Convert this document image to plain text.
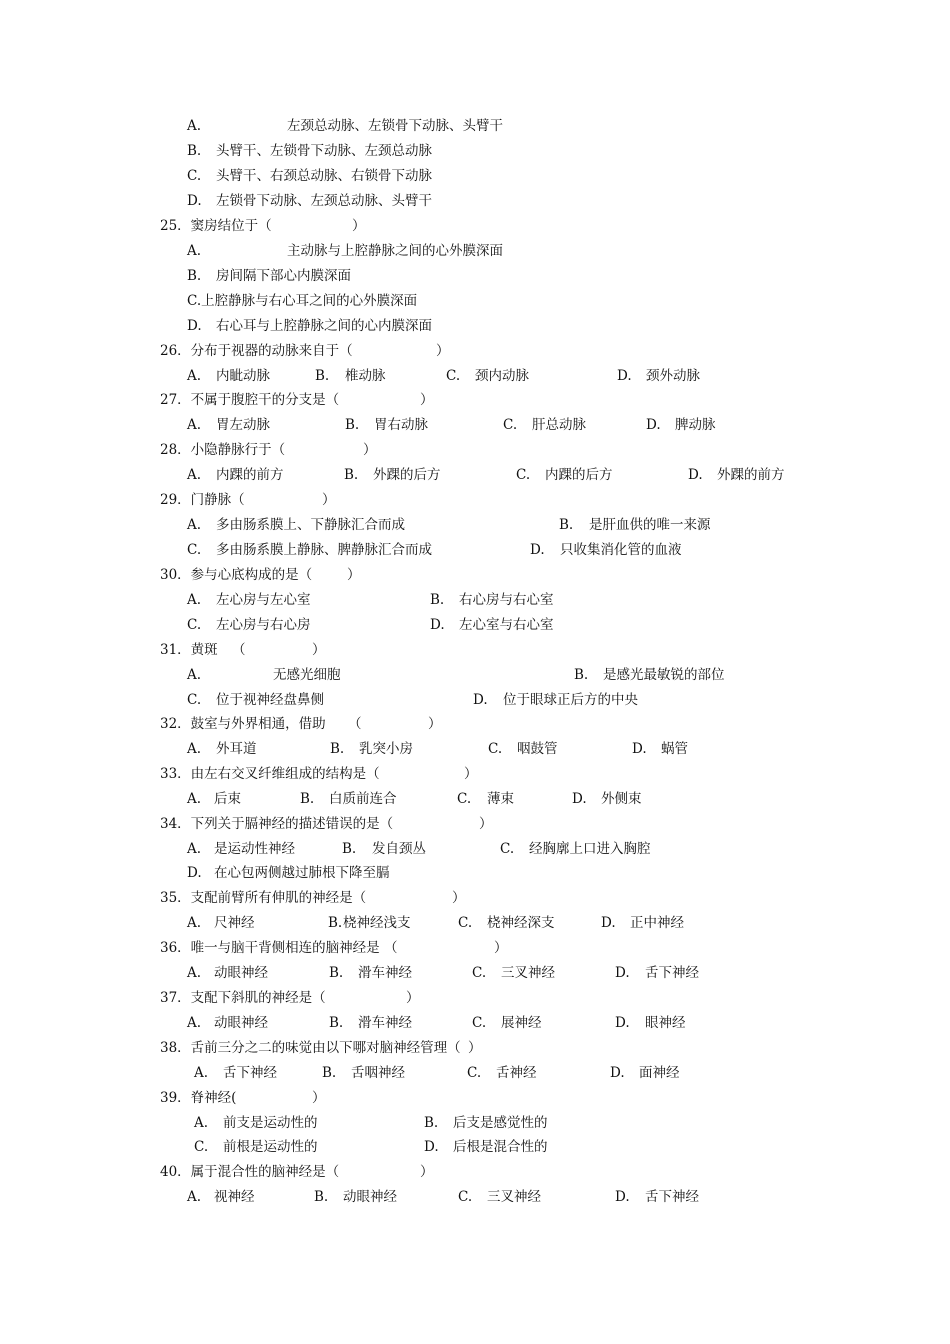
A.	左颈总动脉、左锁骨下动脉、头臂干
B. 头臂干、左锁骨下动脉、左颈总动脉
C. 头臂干、右颈总动脉、右锁骨下动脉
D. 左锁骨下动脉、左颈总动脉、头臂干
25．窦房结位于（	）
A.	主动脉与上腔静脉之间的心外膜深面
B. 房间隔下部心内膜深面
C.上腔静脉与右心耳之间的心外膜深面
D. 右心耳与上腔静脉之间的心内膜深面
26．分布于视器的动脉来自于（	）
A. 内眦动脉	B. 椎动脉	C. 颈内动脉	D. 颈外动脉
27．不属于腹腔干的分支是（	）
A. 胃左动脉	B. 胃右动脉	C. 肝总动脉	D. 脾动脉
28．小隐静脉行于（	）
A. 内踝的前方	B. 外踝的后方	C. 内踝的后方	D. 外踝的前方
29．门静脉（	）
A. 多由肠系膜上、下静脉汇合而成	B. 是肝血供的唯一来源
C. 多由肠系膜上静脉、脾静脉汇合而成	D. 只收集消化管的血液
30．参与心底构成的是（	）
A. 左心房与左心室	B. 右心房与右心室
C. 左心房与右心房	D. 左心室与右心室
31．黄斑 （	）
A.	无感光细胞	B. 是感光最敏锐的部位
C. 位于视神经盘鼻侧	D. 位于眼球正后方的中央
32．鼓室与外界相通，借助 （	）
A. 外耳道	B. 乳突小房	C. 咽鼓管	D. 蜗管
33．由左右交叉纤维组成的结构是（	）
A. 后束	B. 白质前连合	C. 薄束	D. 外侧束
34．下列关于膈神经的描述错误的是（	）
A. 是运动性神经	B. 发自颈丛	C. 经胸廓上口进入胸腔
D. 在心包两侧越过肺根下降至膈
35．支配前臂所有伸肌的神经是（	）
A. 尺神经	B. 桡神经浅支	C. 桡神经深支	D. 正中神经
36．唯一与脑干背侧相连的脑神经是 （	）
A. 动眼神经	B. 滑车神经	C. 三叉神经	D. 舌下神经
37．支配下斜肌的神经是（	）
A. 动眼神经	B. 滑车神经	C. 展神经	D. 眼神经
38．舌前三分之二的味觉由以下哪对脑神经管理（ ）
A. 舌下神经	B. 舌咽神经	C. 舌神经	D. 面神经
39．脊神经(	）
A. 前支是运动性的	B. 后支是感觉性的
C. 前根是运动性的	D. 后根是混合性的
40．属于混合性的脑神经是（	）
A. 视神经	B. 动眼神经	C. 三叉神经	D. 舌下神经
